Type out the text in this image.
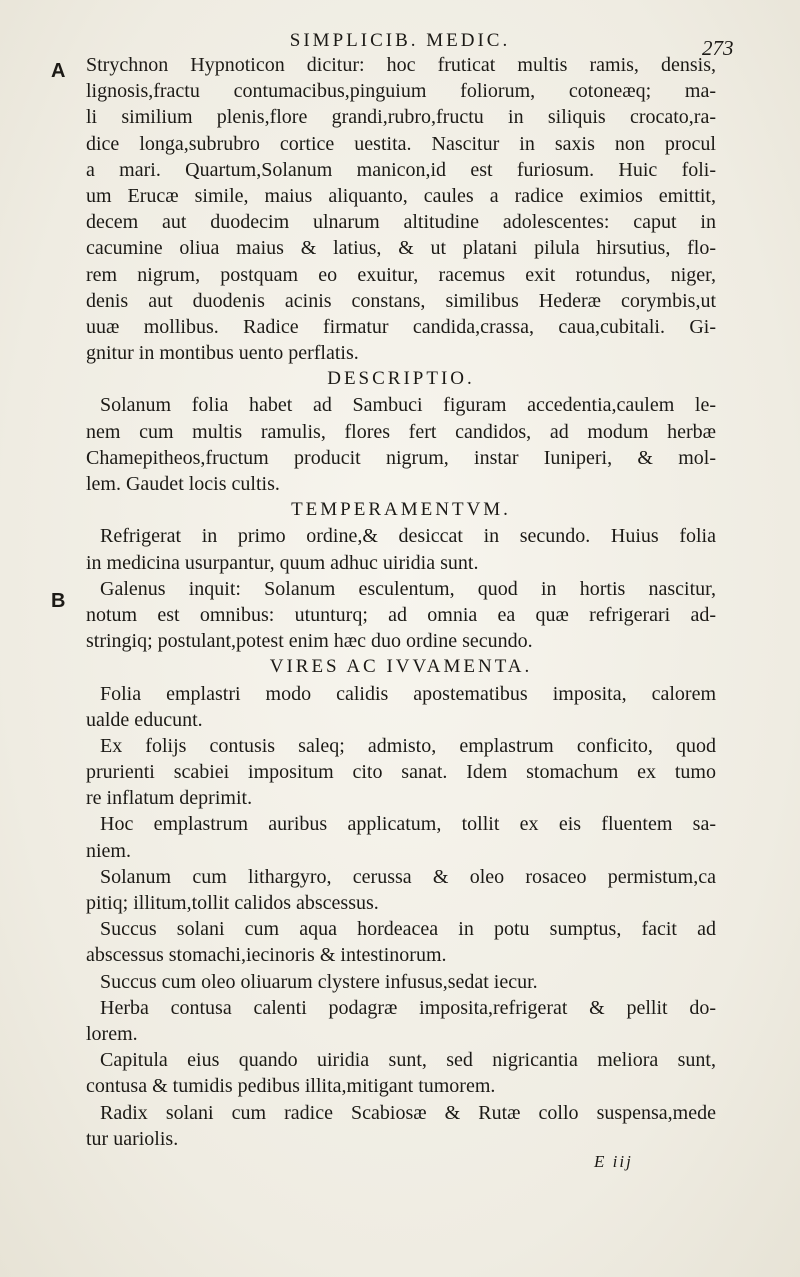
SIMPLICIB. MEDIC.	273
A
B
Strychnon Hypnoticon dicitur: hoc fruticat multis ramis, densis,
lignosis,fractu contumacibus,pinguium foliorum, cotoneæq; ma-
li similium plenis,flore grandi,rubro,fructu in siliquis crocato,ra-
dice longa,subrubro cortice uestita. Nascitur in saxis non procul
a mari. Quartum,Solanum manicon,id est furiosum. Huic foli-
um Erucæ simile, maius aliquanto, caules a radice eximios emittit,
decem aut duodecim ulnarum altitudine adolescentes: caput in
cacumine oliua maius & latius, & ut platani pilula hirsutius, flo-
rem nigrum, postquam eo exuitur, racemus exit rotundus, niger,
denis aut duodenis acinis constans, similibus Hederæ corymbis,ut
uuæ mollibus. Radice firmatur candida,crassa, caua,cubitali. Gi-
gnitur in montibus uento perflatis.
DESCRIPTIO.
Solanum folia habet ad Sambuci figuram accedentia,caulem le-
nem cum multis ramulis, flores fert candidos, ad modum herbæ
Chamepitheos,fructum producit nigrum, instar Iuniperi, & mol-
lem. Gaudet locis cultis.
TEMPERAMENTVM.
Refrigerat in primo ordine,& desiccat in secundo. Huius folia
in medicina usurpantur, quum adhuc uiridia sunt.
Galenus inquit: Solanum esculentum, quod in hortis nascitur,
notum est omnibus: utunturq; ad omnia ea quæ refrigerari ad-
stringiq; postulant,potest enim hæc duo ordine secundo.
VIRES AC IVVAMENTA.
Folia emplastri modo calidis apostematibus imposita, calorem
ualde educunt.
Ex folijs contusis saleq; admisto, emplastrum conficito, quod
prurienti scabiei impositum cito sanat. Idem stomachum ex tumo
re inflatum deprimit.
Hoc emplastrum auribus applicatum, tollit ex eis fluentem sa-
niem.
Solanum cum lithargyro, cerussa & oleo rosaceo permistum,ca
pitiq; illitum,tollit calidos abscessus.
Succus solani cum aqua hordeacea in potu sumptus, facit ad
abscessus stomachi,iecinoris & intestinorum.
Succus cum oleo oliuarum clystere infusus,sedat iecur.
Herba contusa calenti podagræ imposita,refrigerat & pellit do-
lorem.
Capitula eius quando uiridia sunt, sed nigricantia meliora sunt,
contusa & tumidis pedibus illita,mitigant tumorem.
Radix solani cum radice Scabiosæ & Rutæ collo suspensa,mede
tur uariolis.
E iij
